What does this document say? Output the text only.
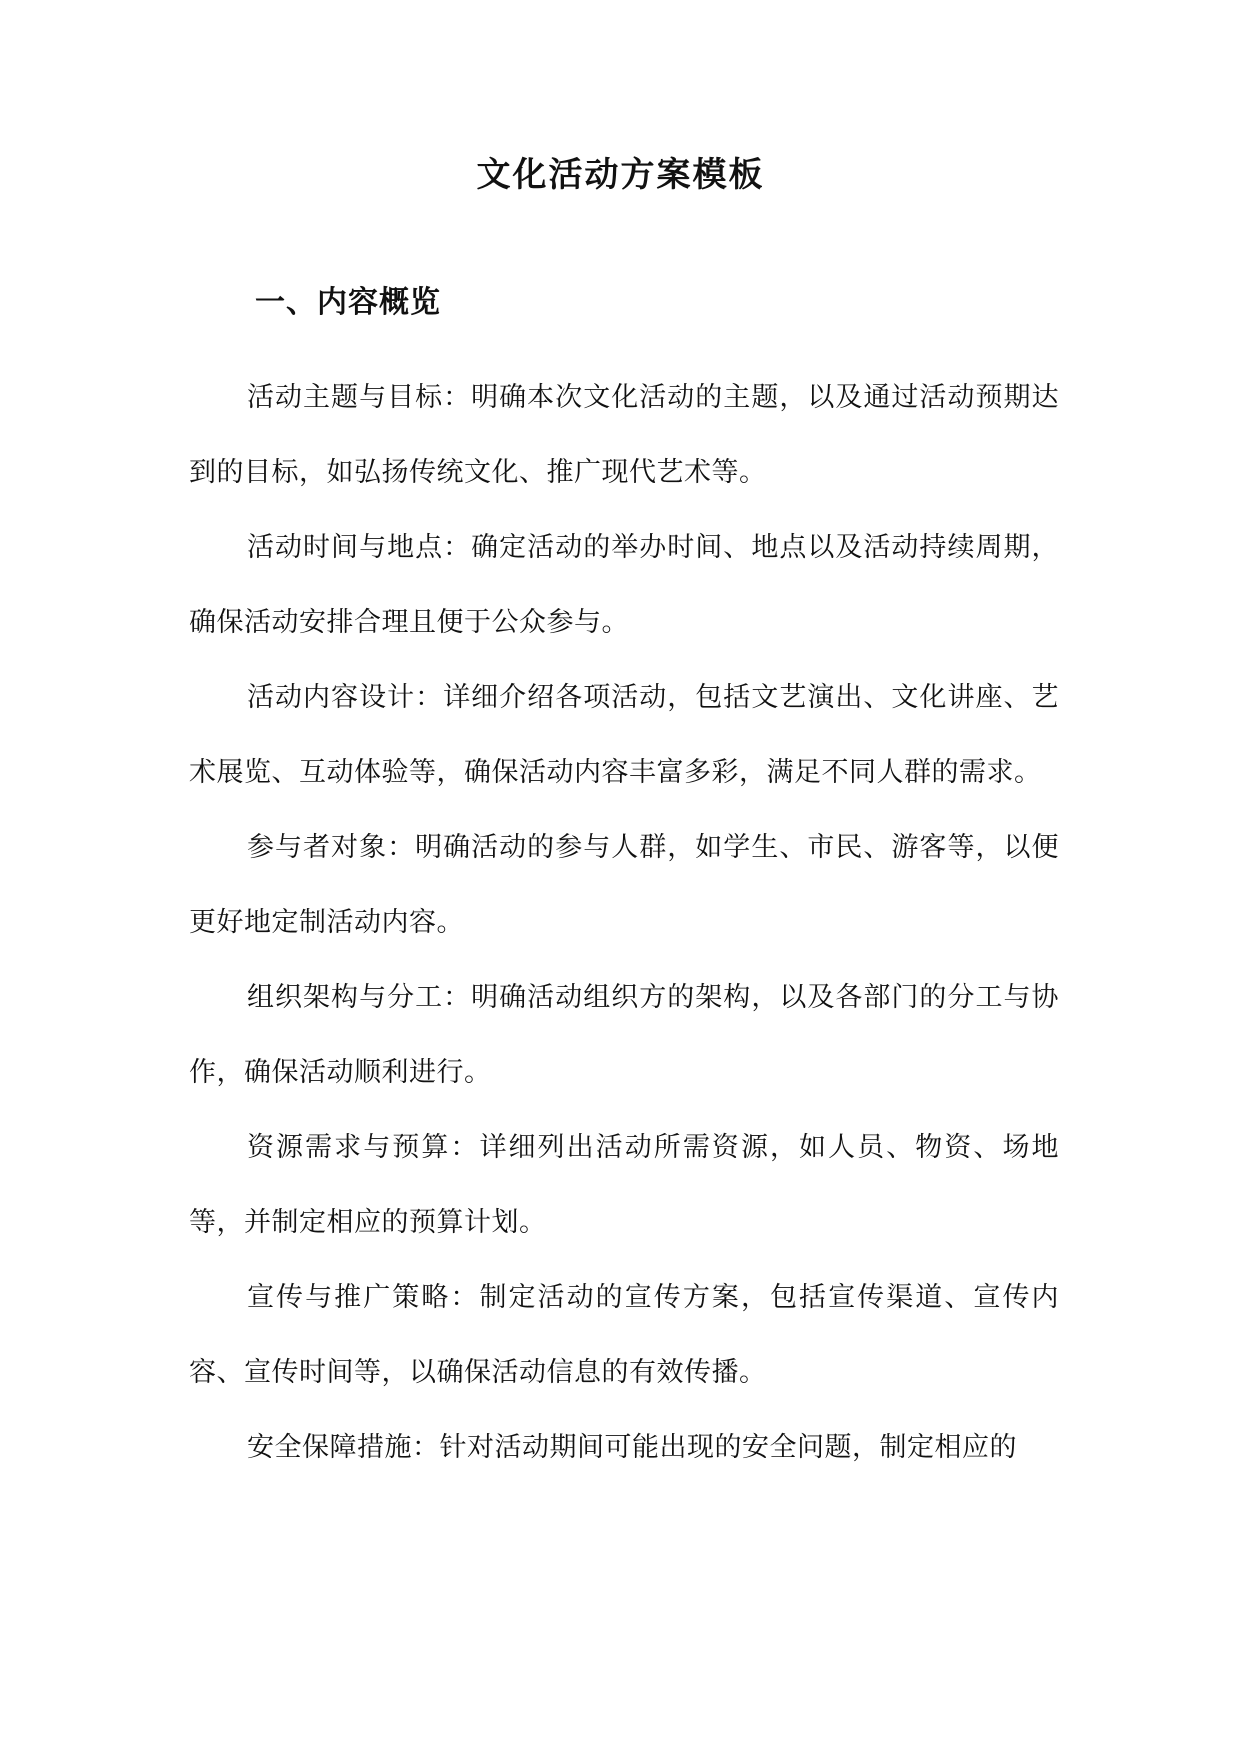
文化活动方案模板
一、内容概览

活动主题与目标：明确本次文化活动的主题，以及通过活动预期达到的目标，如弘扬传统文化、推广现代艺术等。

活动时间与地点：确定活动的举办时间、地点以及活动持续周期，确保活动安排合理且便于公众参与。

活动内容设计：详细介绍各项活动，包括文艺演出、文化讲座、艺术展览、互动体验等，确保活动内容丰富多彩，满足不同人群的需求。

参与者对象：明确活动的参与人群，如学生、市民、游客等，以便更好地定制活动内容。

组织架构与分工：明确活动组织方的架构，以及各部门的分工与协作，确保活动顺利进行。

资源需求与预算：详细列出活动所需资源，如人员、物资、场地等，并制定相应的预算计划。

宣传与推广策略：制定活动的宣传方案，包括宣传渠道、宣传内容、宣传时间等，以确保活动信息的有效传播。

安全保障措施：针对活动期间可能出现的安全问题，制定相应的
